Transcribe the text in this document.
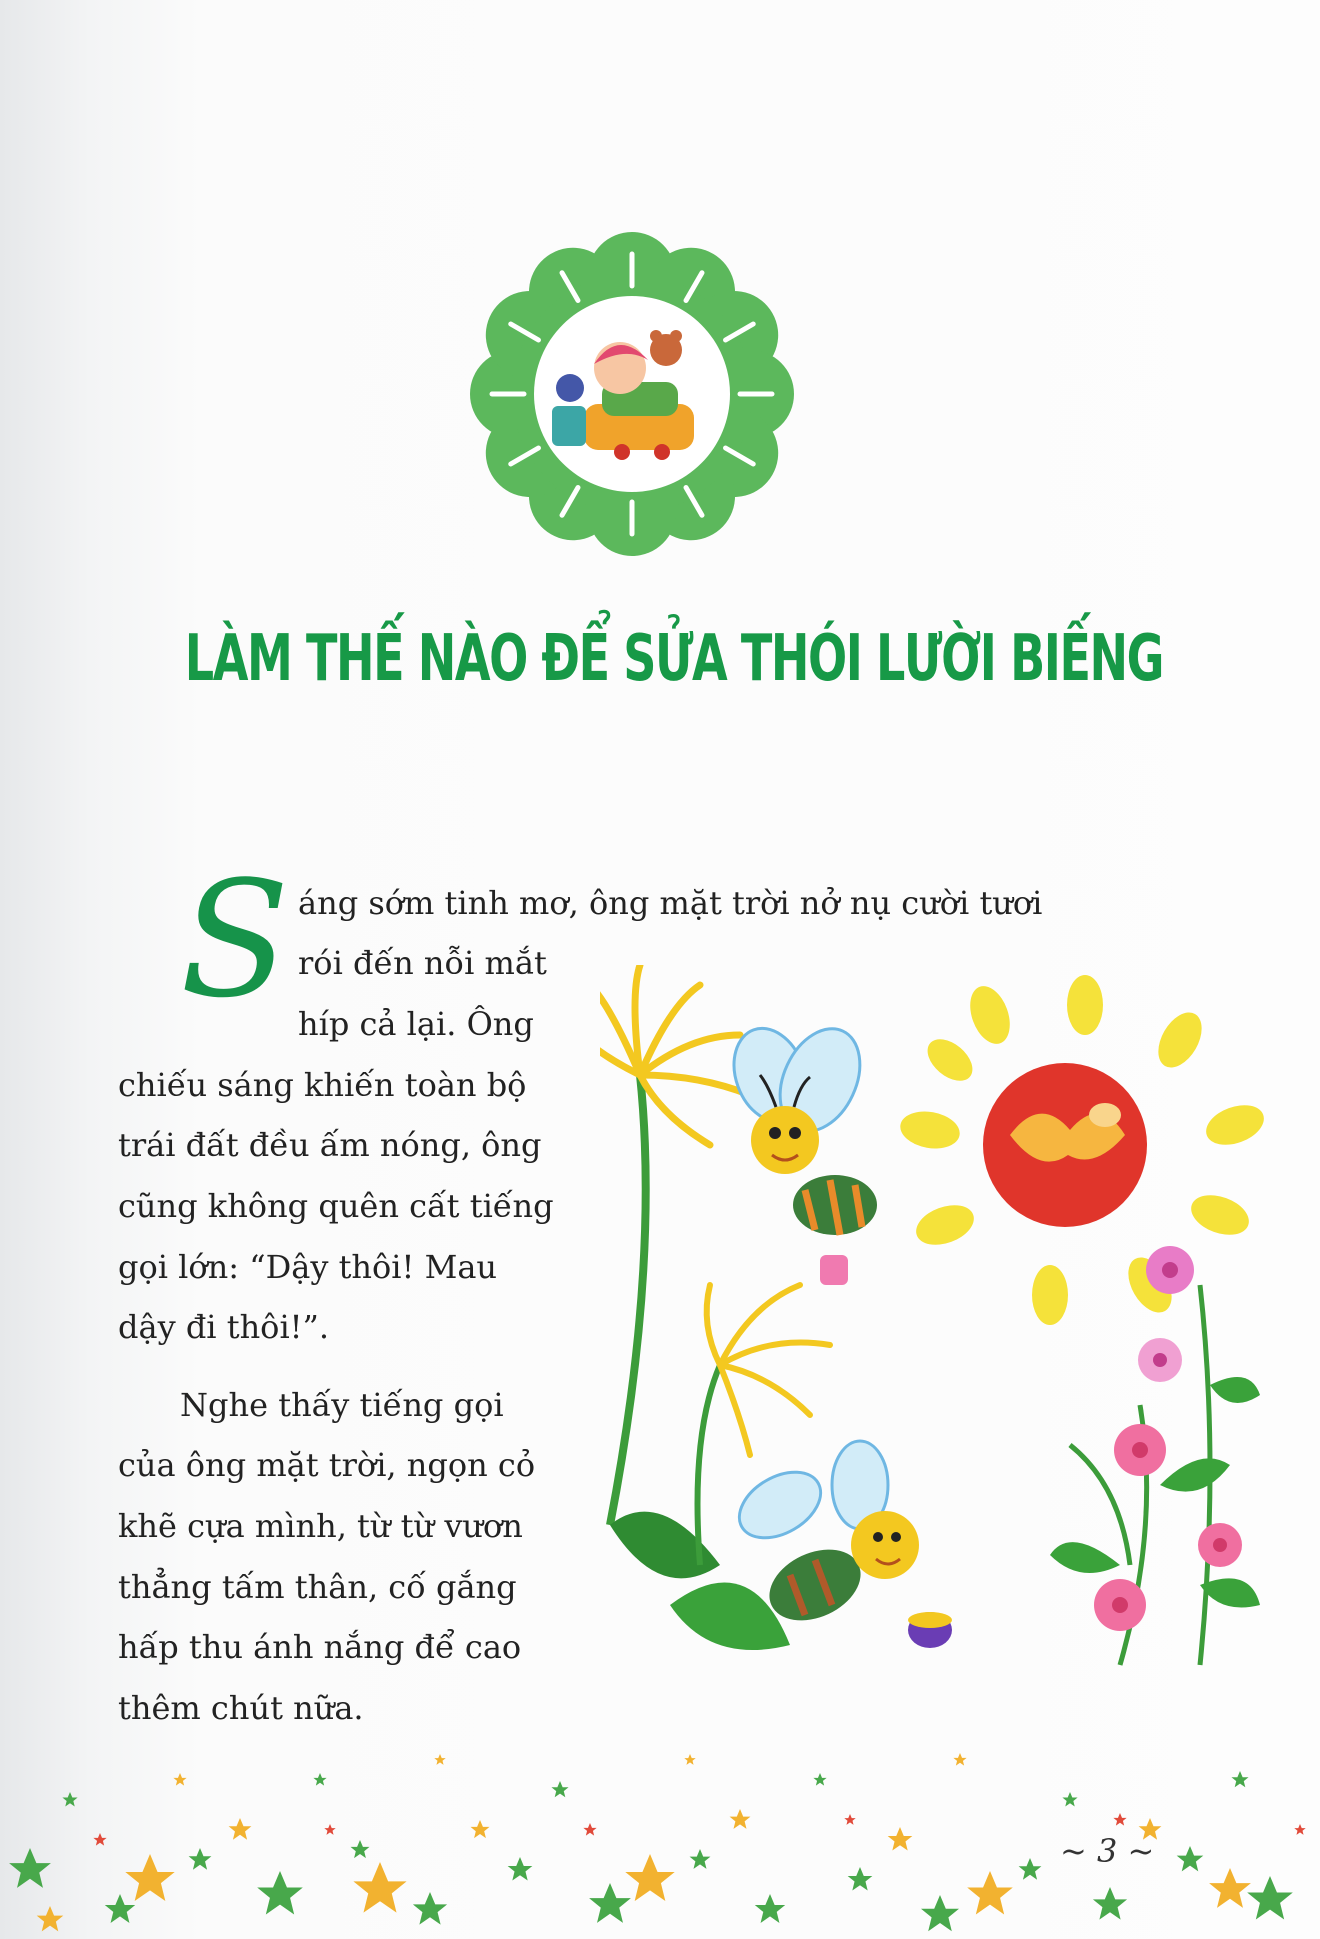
LÀM THẾ NÀO ĐỂ SỬA THÓI LƯỜI BIẾNG
S áng sớm tinh mơ, ông mặt trời nở nụ cười tươi
rói đến nỗi mắt
híp cả lại. Ông
chiếu sáng khiến toàn bộ
trái đất đều ấm nóng, ông
cũng không quên cất tiếng
gọi lớn: “Dậy thôi! Mau
dậy đi thôi!”.
Nghe thấy tiếng gọi
của ông mặt trời, ngọn cỏ
khẽ cựa mình, từ từ vươn
thẳng tấm thân, cố gắng
hấp thu ánh nắng để cao
thêm chút nữa.
~ 3 ~
